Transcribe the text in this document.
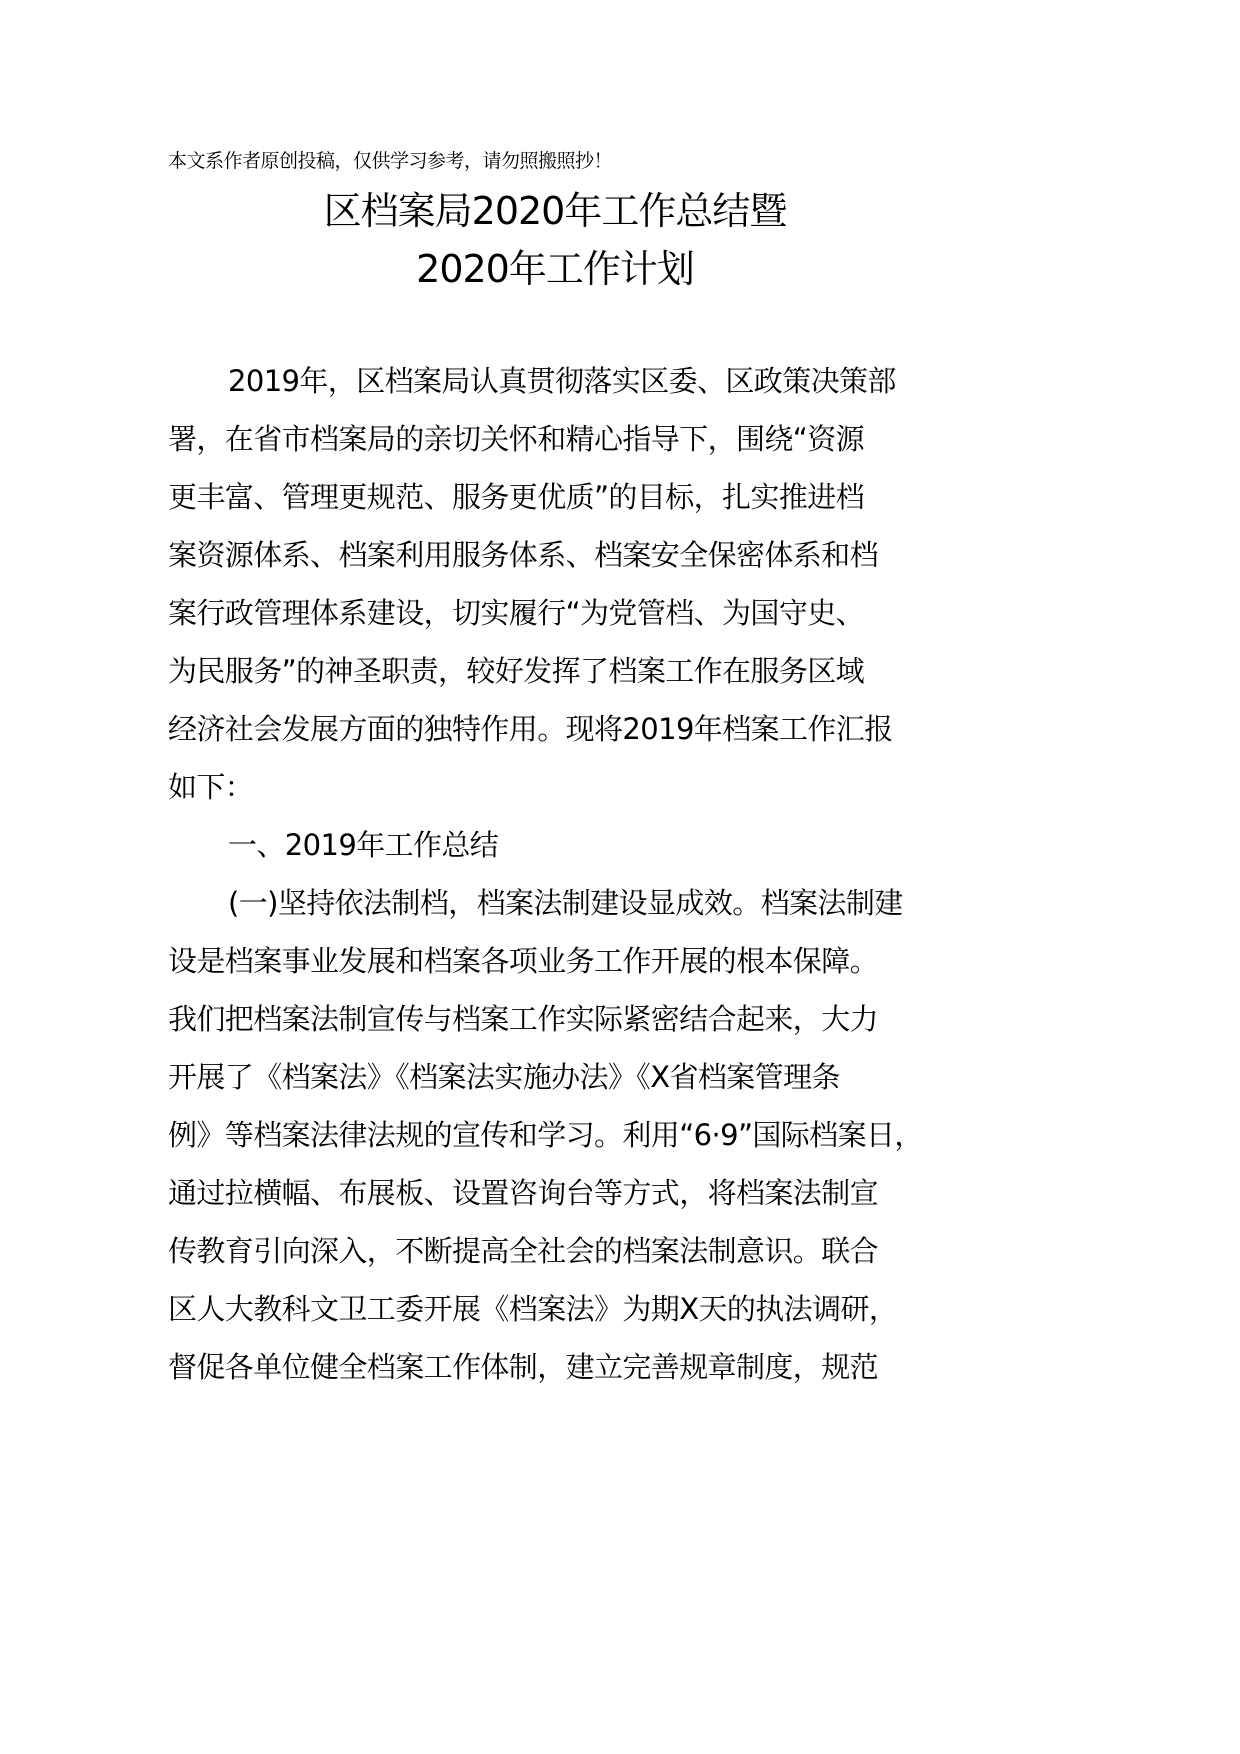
本文系作者原创投稿，仅供学习参考，请勿照搬照抄！
区档案局2020年工作总结暨
2020年工作计划
2019年，区档案局认真贯彻落实区委、区政策决策部
署，在省市档案局的亲切关怀和精心指导下，围绕“资源
更丰富、管理更规范、服务更优质”的目标，扎实推进档
案资源体系、档案利用服务体系、档案安全保密体系和档
案行政管理体系建设，切实履行“为党管档、为国守史、
为民服务”的神圣职责，较好发挥了档案工作在服务区域
经济社会发展方面的独特作用。现将2019年档案工作汇报
如下：
一、2019年工作总结
(一)坚持依法制档，档案法制建设显成效。档案法制建
设是档案事业发展和档案各项业务工作开展的根本保障。
我们把档案法制宣传与档案工作实际紧密结合起来，大力
开展了《档案法》《档案法实施办法》《X省档案管理条
例》等档案法律法规的宣传和学习。利用“6·9”国际档案日，
通过拉横幅、布展板、设置咨询台等方式，将档案法制宣
传教育引向深入，不断提高全社会的档案法制意识。联合
区人大教科文卫工委开展《档案法》为期X天的执法调研，
督促各单位健全档案工作体制，建立完善规章制度，规范
